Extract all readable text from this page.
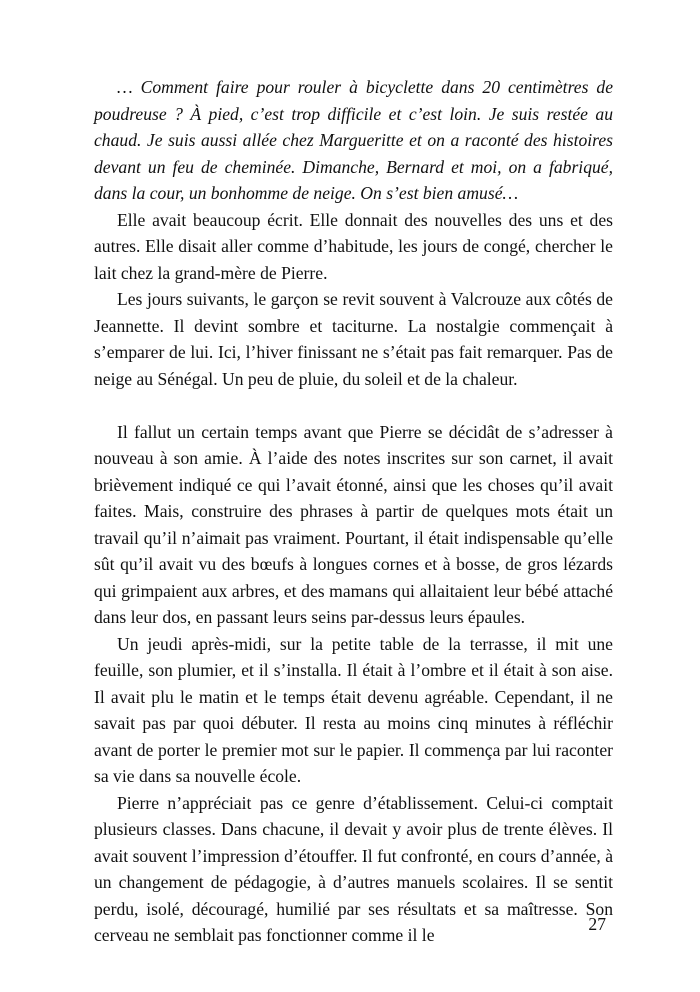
… Comment faire pour rouler à bicyclette dans 20 centimètres de poudreuse ? À pied, c’est trop difficile et c’est loin. Je suis restée au chaud. Je suis aussi allée chez Margueritte et on a raconté des histoires devant un feu de cheminée. Dimanche, Bernard et moi, on a fabriqué, dans la cour, un bonhomme de neige. On s’est bien amusé…

Elle avait beaucoup écrit. Elle donnait des nouvelles des uns et des autres. Elle disait aller comme d’habitude, les jours de congé, chercher le lait chez la grand-mère de Pierre.

Les jours suivants, le garçon se revit souvent à Valcrouze aux côtés de Jeannette. Il devint sombre et taciturne. La nostalgie commençait à s’emparer de lui. Ici, l’hiver finissant ne s’était pas fait remarquer. Pas de neige au Sénégal. Un peu de pluie, du soleil et de la chaleur.

Il fallut un certain temps avant que Pierre se décidât de s’adresser à nouveau à son amie. À l’aide des notes inscrites sur son carnet, il avait brièvement indiqué ce qui l’avait étonné, ainsi que les choses qu’il avait faites. Mais, construire des phrases à partir de quelques mots était un travail qu’il n’aimait pas vraiment. Pourtant, il était indispensable qu’elle sût qu’il avait vu des bœufs à longues cornes et à bosse, de gros lézards qui grimpaient aux arbres, et des mamans qui allaitaient leur bébé attaché dans leur dos, en passant leurs seins par-dessus leurs épaules.

Un jeudi après-midi, sur la petite table de la terrasse, il mit une feuille, son plumier, et il s’installa. Il était à l’ombre et il était à son aise. Il avait plu le matin et le temps était devenu agréable. Cependant, il ne savait pas par quoi débuter. Il resta au moins cinq minutes à réfléchir avant de porter le premier mot sur le papier. Il commença par lui raconter sa vie dans sa nouvelle école.

Pierre n’appréciait pas ce genre d’établissement. Celui-ci comptait plusieurs classes. Dans chacune, il devait y avoir plus de trente élèves. Il avait souvent l’impression d’étouffer. Il fut confronté, en cours d’année, à un changement de pédagogie, à d’autres manuels scolaires. Il se sentit perdu, isolé, découragé, humilié par ses résultats et sa maîtresse. Son cerveau ne semblait pas fonctionner comme il le

27
